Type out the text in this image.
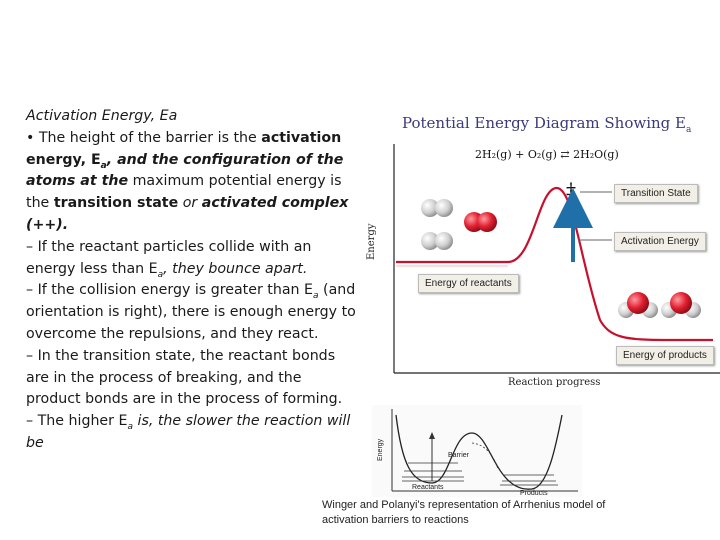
Activation Energy, Ea

• The height of the barrier is the activation energy, $E_a$, and the configuration of the atoms at the maximum potential energy is the transition state or activated complex (++).

– If the reactant particles collide with an energy less than $E_a$, they bounce apart.

– If the collision energy is greater than $E_a$ (and orientation is right), there is enough energy to overcome the repulsions, and they react.

– In the transition state, the reactant bonds are in the process of breaking, and the product bonds are in the process of forming.

– The higher $E_a$ is, the slower the reaction will be

Potential Energy Diagram Showing $E_a$
2H₂(g) + O₂(g) ⇄ 2H₂O(g)
‡	Transition State
Activation Energy
Energy of reactants
Energy of products
Energy
Reaction progress
Barrier
Reactants
Products
Energy
Winger and Polanyi's representation of Arrhenius model of activation barriers to reactions
